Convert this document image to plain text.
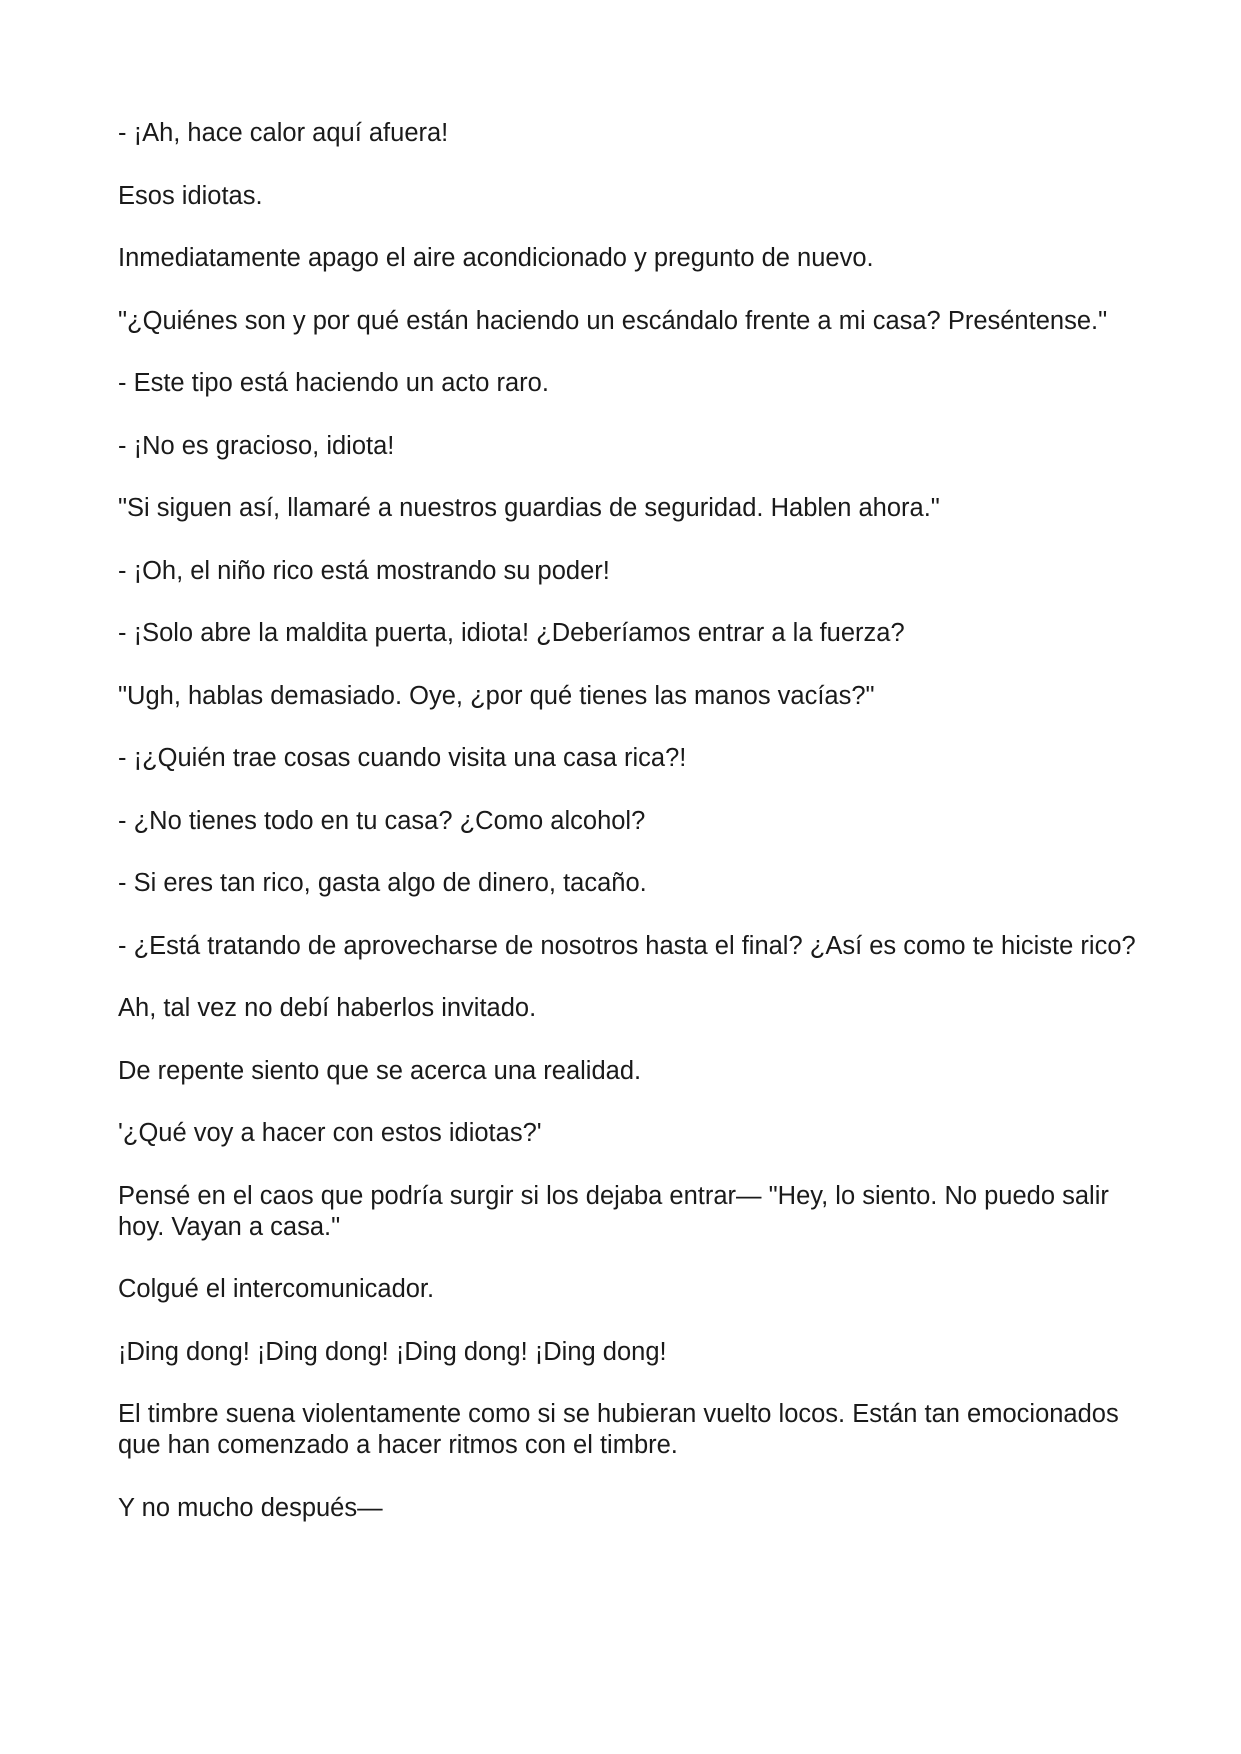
- ¡Ah, hace calor aquí afuera!

Esos idiotas.

Inmediatamente apago el aire acondicionado y pregunto de nuevo.

"¿Quiénes son y por qué están haciendo un escándalo frente a mi casa? Preséntense."

- Este tipo está haciendo un acto raro.

- ¡No es gracioso, idiota!

"Si siguen así, llamaré a nuestros guardias de seguridad. Hablen ahora."

- ¡Oh, el niño rico está mostrando su poder!

- ¡Solo abre la maldita puerta, idiota! ¿Deberíamos entrar a la fuerza?

"Ugh, hablas demasiado. Oye, ¿por qué tienes las manos vacías?"

- ¡¿Quién trae cosas cuando visita una casa rica?!

- ¿No tienes todo en tu casa? ¿Como alcohol?

- Si eres tan rico, gasta algo de dinero, tacaño.

- ¿Está tratando de aprovecharse de nosotros hasta el final? ¿Así es como te hiciste rico?

Ah, tal vez no debí haberlos invitado.

De repente siento que se acerca una realidad.

'¿Qué voy a hacer con estos idiotas?'

Pensé en el caos que podría surgir si los dejaba entrar— "Hey, lo siento. No puedo salir hoy. Vayan a casa."

Colgué el intercomunicador.

¡Ding dong! ¡Ding dong! ¡Ding dong! ¡Ding dong!

El timbre suena violentamente como si se hubieran vuelto locos. Están tan emocionados que han comenzado a hacer ritmos con el timbre.

Y no mucho después—
